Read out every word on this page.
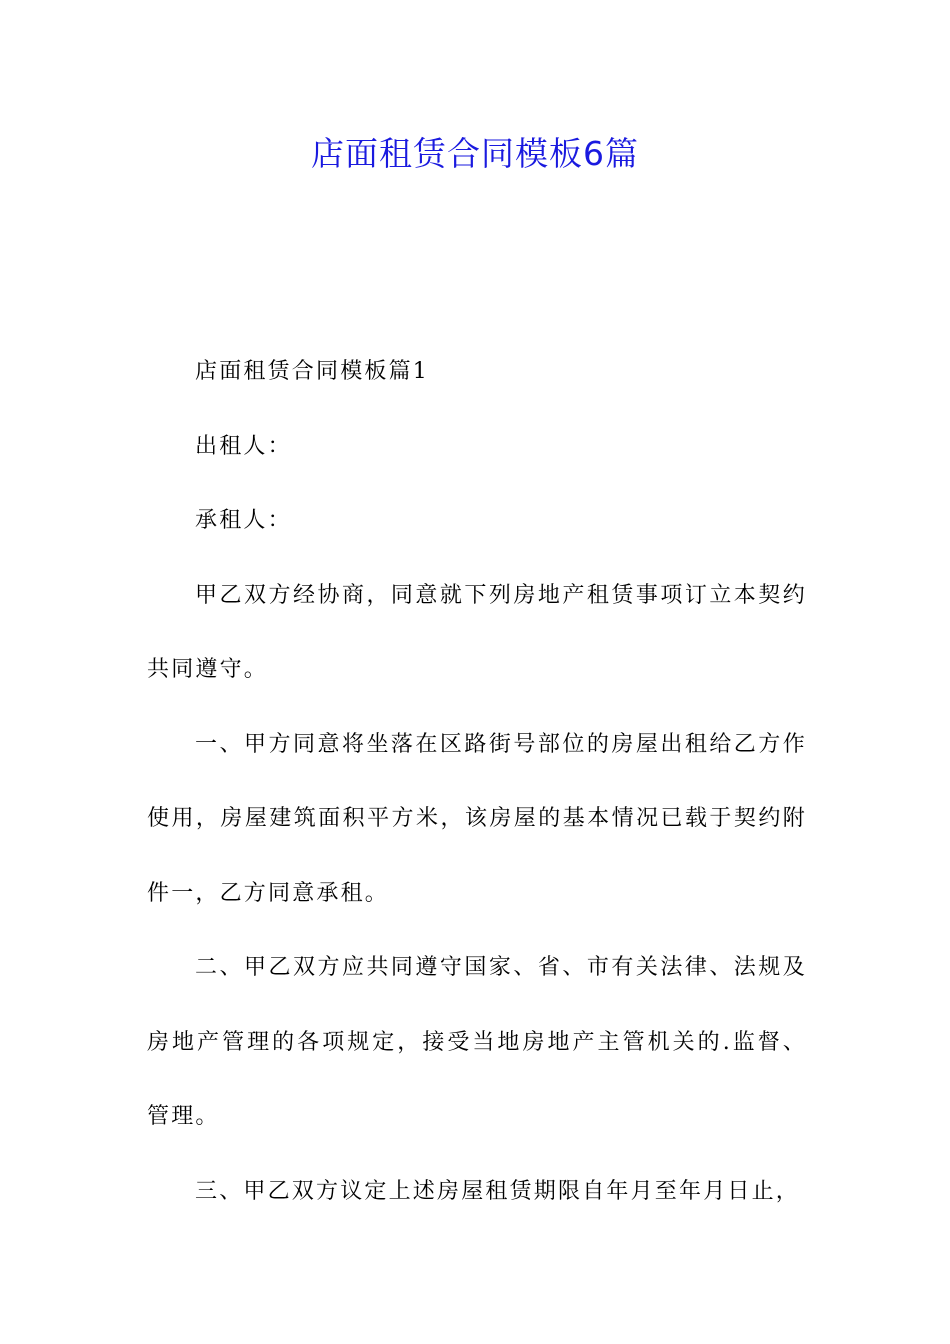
店面租赁合同模板6篇

店面租赁合同模板篇1

出租人：

承租人：

甲乙双方经协商，同意就下列房地产租赁事项订立本契约共同遵守。

一、甲方同意将坐落在区路街号部位的房屋出租给乙方作使用，房屋建筑面积平方米，该房屋的基本情况已载于契约附件一，乙方同意承租。

二、甲乙双方应共同遵守国家、省、市有关法律、法规及房地产管理的各项规定，接受当地房地产主管机关的.监督、管理。

三、甲乙双方议定上述房屋租赁期限自年月至年月日止，
